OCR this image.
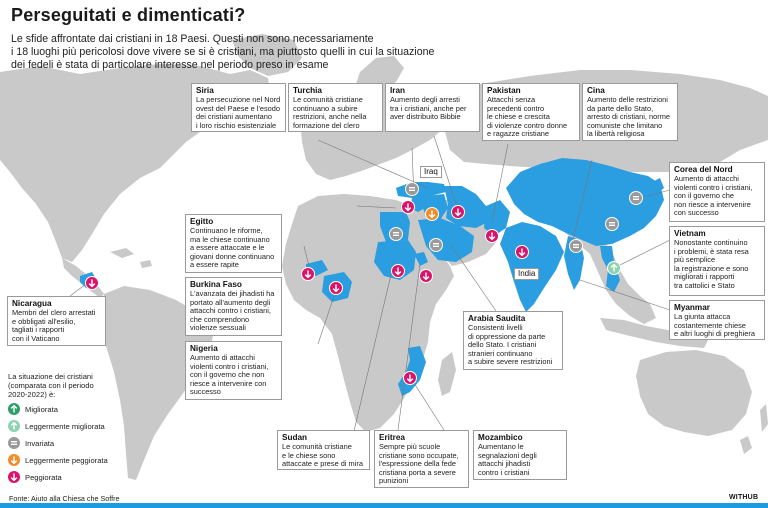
Perseguitati e dimenticati?
Le sfide affrontate dai cristiani in 18 Paesi. Questi non sono necessariamente
i 18 luoghi più pericolosi dove vivere se si è cristiani, ma piuttosto quelli in cui la situazione
dei fedeli è stata di particolare interesse nel periodo preso in esame
Iraq
India
Siria
La persecuzione nel Nord
ovest del Paese e l'esodo
dei cristiani aumentano
i loro rischio esistenziale
Turchia
Le comunità cristiane
continuano a subire
restrizioni, anche nella
formazione del clero
Iran
Aumento degli arresti
tra i cristiani, anche per
aver distribuito Bibbie
Pakistan
Attacchi senza
precedenti contro
le chiese e crescita
di violenze contro donne
e ragazze cristiane
Cina
Aumento delle restrizioni
da parte dello Stato,
arresto di cristiani, norme
comuniste che limitano
la libertà religiosa
Corea del Nord
Aumento di attacchi
violenti contro i cristiani,
con il governo che
non riesce a intervenire
con successo
Vietnam
Nonostante continuino
i problemi, è stata resa
più semplice
la registrazione e sono
migliorati i rapporti
tra cattolici e Stato
Myanmar
La giunta attacca
costantemente chiese
e altri luoghi di preghiera
Egitto
Continuano le riforme,
ma le chiese continuano
a essere attaccate e le
giovani donne continuano
a essere rapite
Burkina Faso
L'avanzata dei jihadisti ha
portato all'aumento degli
attacchi contro i cristiani,
che comprendono
violenze sessuali
Nigeria
Aumento di attacchi
violenti contro i cristiani,
con il governo che non
riesce a intervenire con
successo
Nicaragua
Membri del clero arrestati
e obbligati all'esilio,
tagliati i rapporti
con il Vaticano
Arabia Saudita
Consistenti livelli
di oppressione da parte
dello Stato. I cristiani
stranieri continuano
a subire severe restrizioni
Sudan
Le comunità cristiane
e le chiese sono
attaccate e prese di mira
Eritrea
Sempre più scuole
cristiane sono occupate,
l'espressione della fede
cristiana porta a severe
punizioni
Mozambico
Aumentano le
segnalazioni degli
attacchi jihadisti
contro i cristiani
La situazione dei cristiani
(comparata con il periodo
2020-2022) è:
Migliorata
Leggermente migliorata
Invariata
Leggermente peggiorata
Peggiorata
Fonte: Aiuto alla Chiesa che Soffre	WITHUB
